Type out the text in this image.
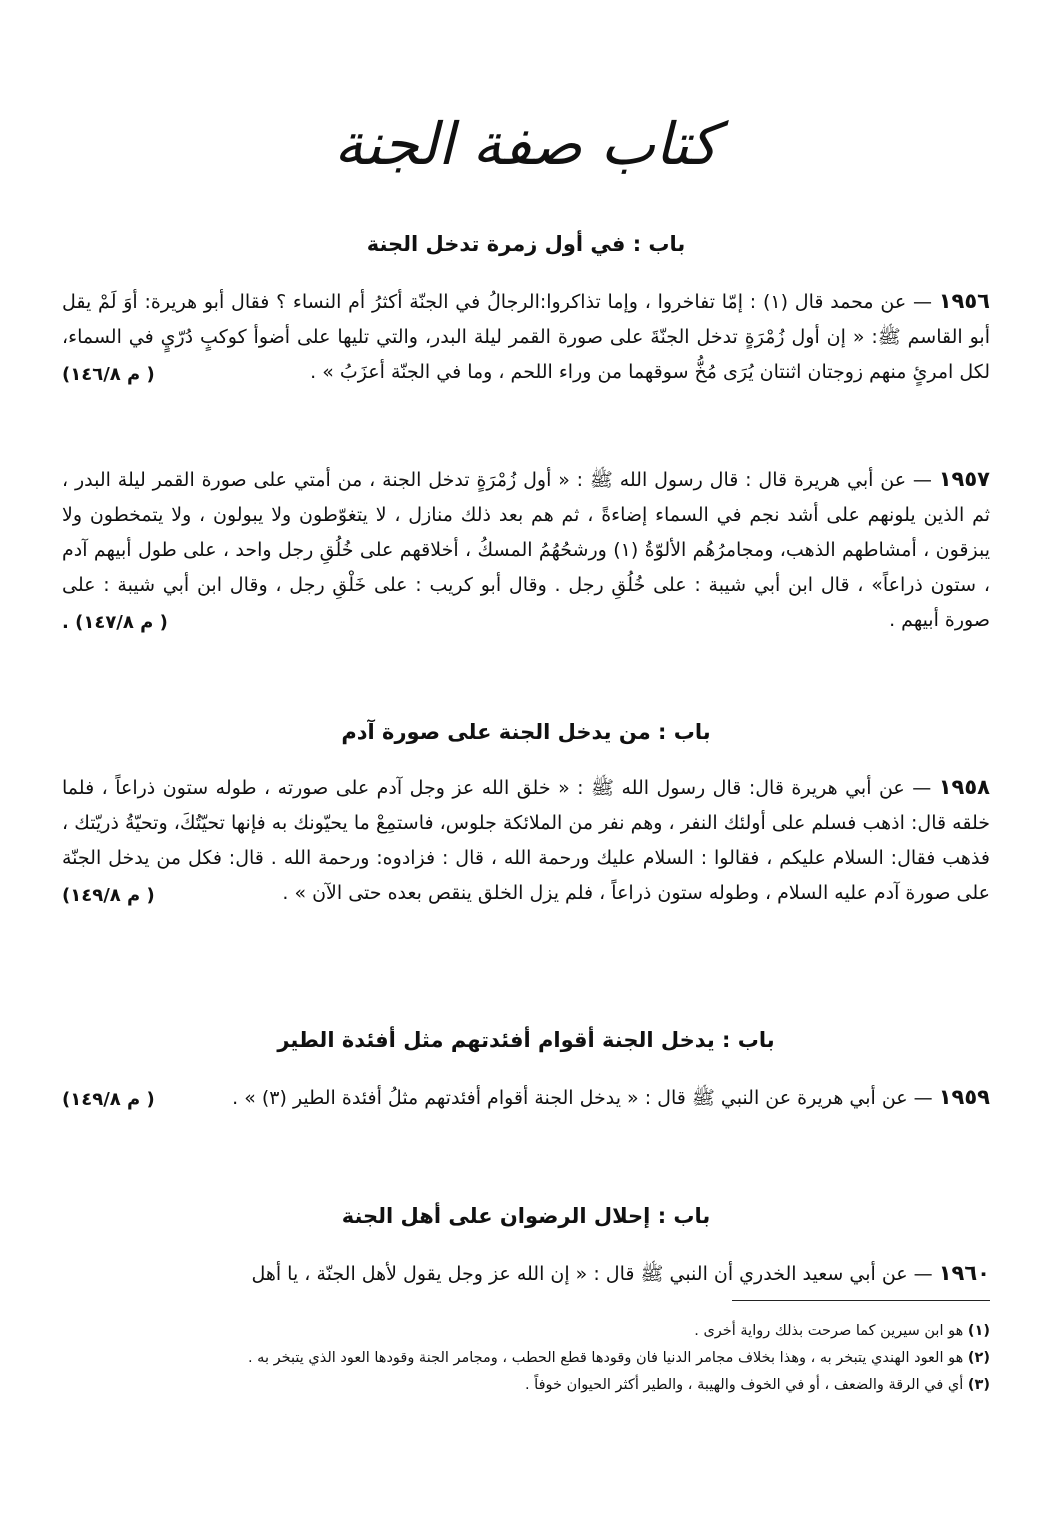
كتاب صفة الجنة
باب : في أول زمرة تدخل الجنة
١٩٥٦ — عن محمد قال (١) : إمّا تفاخروا ، وإما تذاكروا:الرجالُ في الجنّة أكثرُ أم النساء ؟ فقال أبو هريرة: أوَ لَمْ يقل أبو القاسم ﷺ: « إن أول زُمْرَةٍ تدخل الجنّةَ على صورة القمر ليلة البدر، والتي تليها على أضوأ كوكبٍ دُرّيٍ في السماء، لكل امرئٍ منهم زوجتان اثنتان يُرَى مُخُّ سوقهما من وراء اللحم ، وما في الجنّة أعزَبُ » .
( م ١٤٦/٨)
١٩٥٧ — عن أبي هريرة قال : قال رسول الله ﷺ : « أول زُمْرَةٍ تدخل الجنة ، من أمتي على صورة القمر ليلة البدر ، ثم الذين يلونهم على أشد نجم في السماء إضاءةً ، ثم هم بعد ذلك منازل ، لا يتغوّطون ولا يبولون ، ولا يتمخطون ولا يبزقون ، أمشاطهم الذهب، ومجامرُهُم الألوّةُ (١) ورشحُهُمُ المسكُ ، أخلاقهم على خُلُقِ رجل واحد ، على طول أبيهم آدم ، ستون ذراعاً» ، قال ابن أبي شيبة : على خُلُقِ رجل . وقال أبو كريب : على خَلْقِ رجل ، وقال ابن أبي شيبة : على صورة أبيهم .
( م ١٤٧/٨) .
باب : من يدخل الجنة على صورة آدم
١٩٥٨ — عن أبي هريرة قال: قال رسول الله ﷺ : « خلق الله عز وجل آدم على صورته ، طوله ستون ذراعاً ، فلما خلقه قال: اذهب فسلم على أولئك النفر ، وهم نفر من الملائكة جلوس، فاستمِعْ ما يحيّونك به فإنها تحيّتُكَ، وتحيّةُ ذريّتك ، فذهب فقال: السلام عليكم ، فقالوا : السلام عليك ورحمة الله ، قال : فزادوه: ورحمة الله . قال: فكل من يدخل الجنّة على صورة آدم عليه السلام ، وطوله ستون ذراعاً ، فلم يزل الخلق ينقص بعده حتى الآن » .
( م ١٤٩/٨)
باب : يدخل الجنة أقوام أفئدتهم مثل أفئدة الطير
١٩٥٩ — عن أبي هريرة عن النبي ﷺ قال : « يدخل الجنة أقوام أفئدتهم مثلُ أفئدة الطير (٣) » .
( م ١٤٩/٨)
باب : إحلال الرضوان على أهل الجنة
١٩٦٠ — عن أبي سعيد الخدري أن النبي ﷺ قال : « إن الله عز وجل يقول لأهل الجنّة ، يا أهل
(١) هو ابن سيرين كما صرحت بذلك رواية أخرى .
(٢) هو العود الهندي يتبخر به ، وهذا بخلاف مجامر الدنيا فان وقودها قطع الحطب ، ومجامر الجنة وقودها العود الذي يتبخر به .
(٣) أي في الرقة والضعف ، أو في الخوف والهيبة ، والطير أكثر الحيوان خوفاً .
